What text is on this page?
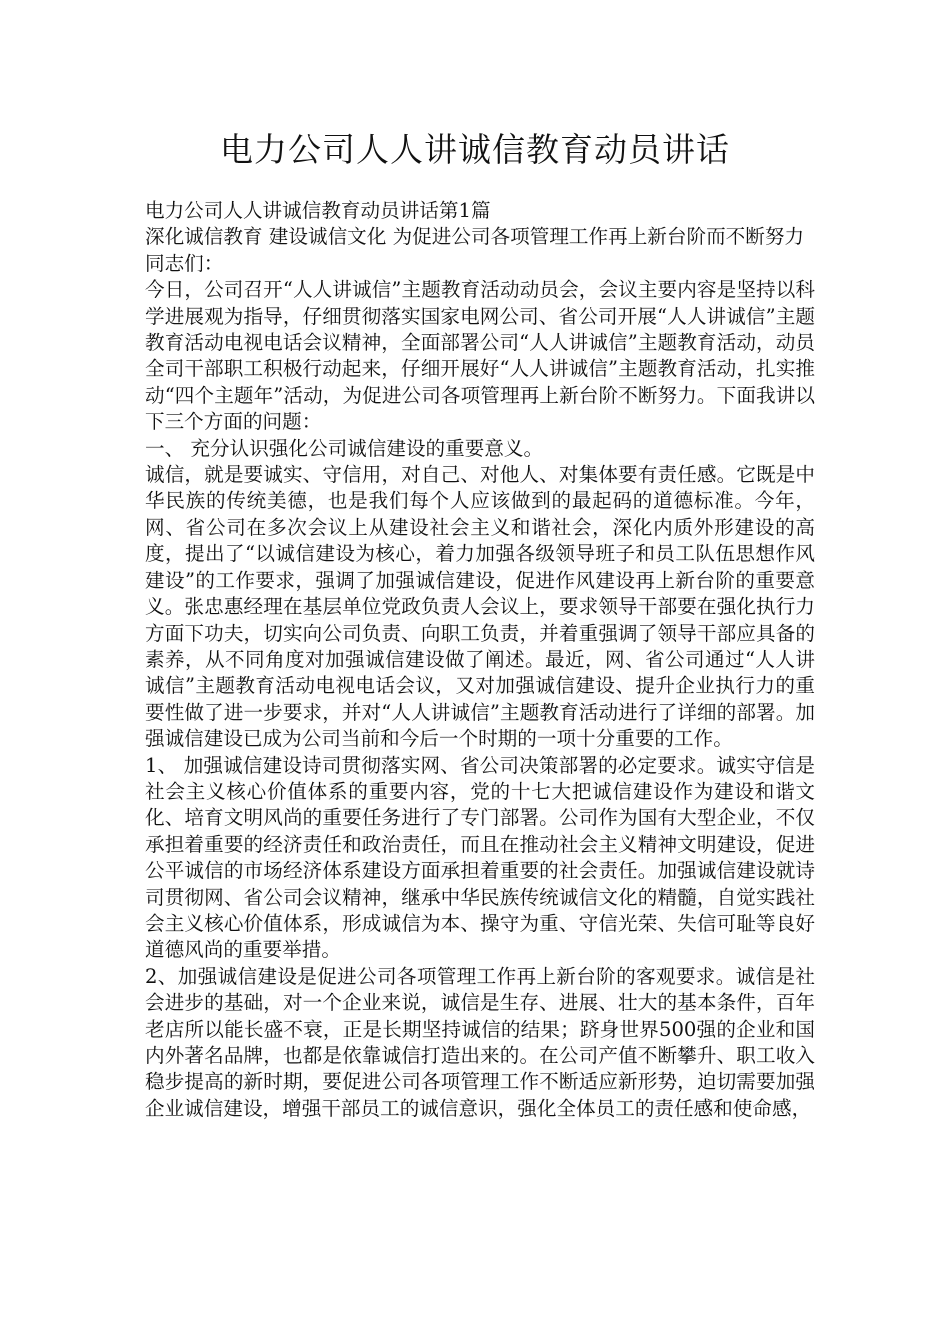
电力公司人人讲诚信教育动员讲话

电力公司人人讲诚信教育动员讲话第1篇

深化诚信教育 建设诚信文化 为促进公司各项管理工作再上新台阶而不断努力

同志们：

今日，公司召开“人人讲诚信”主题教育活动动员会，会议主要内容是坚持以科学进展观为指导，仔细贯彻落实国家电网公司、省公司开展“人人讲诚信”主题教育活动电视电话会议精神，全面部署公司“人人讲诚信”主题教育活动，动员全司干部职工积极行动起来，仔细开展好“人人讲诚信”主题教育活动，扎实推动“四个主题年”活动，为促进公司各项管理再上新台阶不断努力。下面我讲以下三个方面的问题：

一、 充分认识强化公司诚信建设的重要意义。

诚信，就是要诚实、守信用，对自己、对他人、对集体要有责任感。它既是中华民族的传统美德，也是我们每个人应该做到的最起码的道德标准。今年，网、省公司在多次会议上从建设社会主义和谐社会，深化内质外形建设的高度，提出了“以诚信建设为核心，着力加强各级领导班子和员工队伍思想作风建设”的工作要求，强调了加强诚信建设，促进作风建设再上新台阶的重要意义。张忠惠经理在基层单位党政负责人会议上，要求领导干部要在强化执行力方面下功夫，切实向公司负责、向职工负责，并着重强调了领导干部应具备的素养，从不同角度对加强诚信建设做了阐述。最近，网、省公司通过“人人讲诚信”主题教育活动电视电话会议，又对加强诚信建设、提升企业执行力的重要性做了进一步要求，并对“人人讲诚信”主题教育活动进行了详细的部署。加强诚信建设已成为公司当前和今后一个时期的一项十分重要的工作。

1、 加强诚信建设诗司贯彻落实网、省公司决策部署的必定要求。诚实守信是社会主义核心价值体系的重要内容，党的十七大把诚信建设作为建设和谐文化、培育文明风尚的重要任务进行了专门部署。公司作为国有大型企业，不仅承担着重要的经济责任和政治责任，而且在推动社会主义精神文明建设，促进公平诚信的市场经济体系建设方面承担着重要的社会责任。加强诚信建设就诗司贯彻网、省公司会议精神，继承中华民族传统诚信文化的精髓，自觉实践社会主义核心价值体系，形成诚信为本、操守为重、守信光荣、失信可耻等良好道德风尚的重要举措。

2、加强诚信建设是促进公司各项管理工作再上新台阶的客观要求。诚信是社会进步的基础，对一个企业来说，诚信是生存、进展、壮大的基本条件，百年老店所以能长盛不衰，正是长期坚持诚信的结果；跻身世界500强的企业和国内外著名品牌，也都是依靠诚信打造出来的。在公司产值不断攀升、职工收入稳步提高的新时期，要促进公司各项管理工作不断适应新形势，迫切需要加强企业诚信建设，增强干部员工的诚信意识，强化全体员工的责任感和使命感，
